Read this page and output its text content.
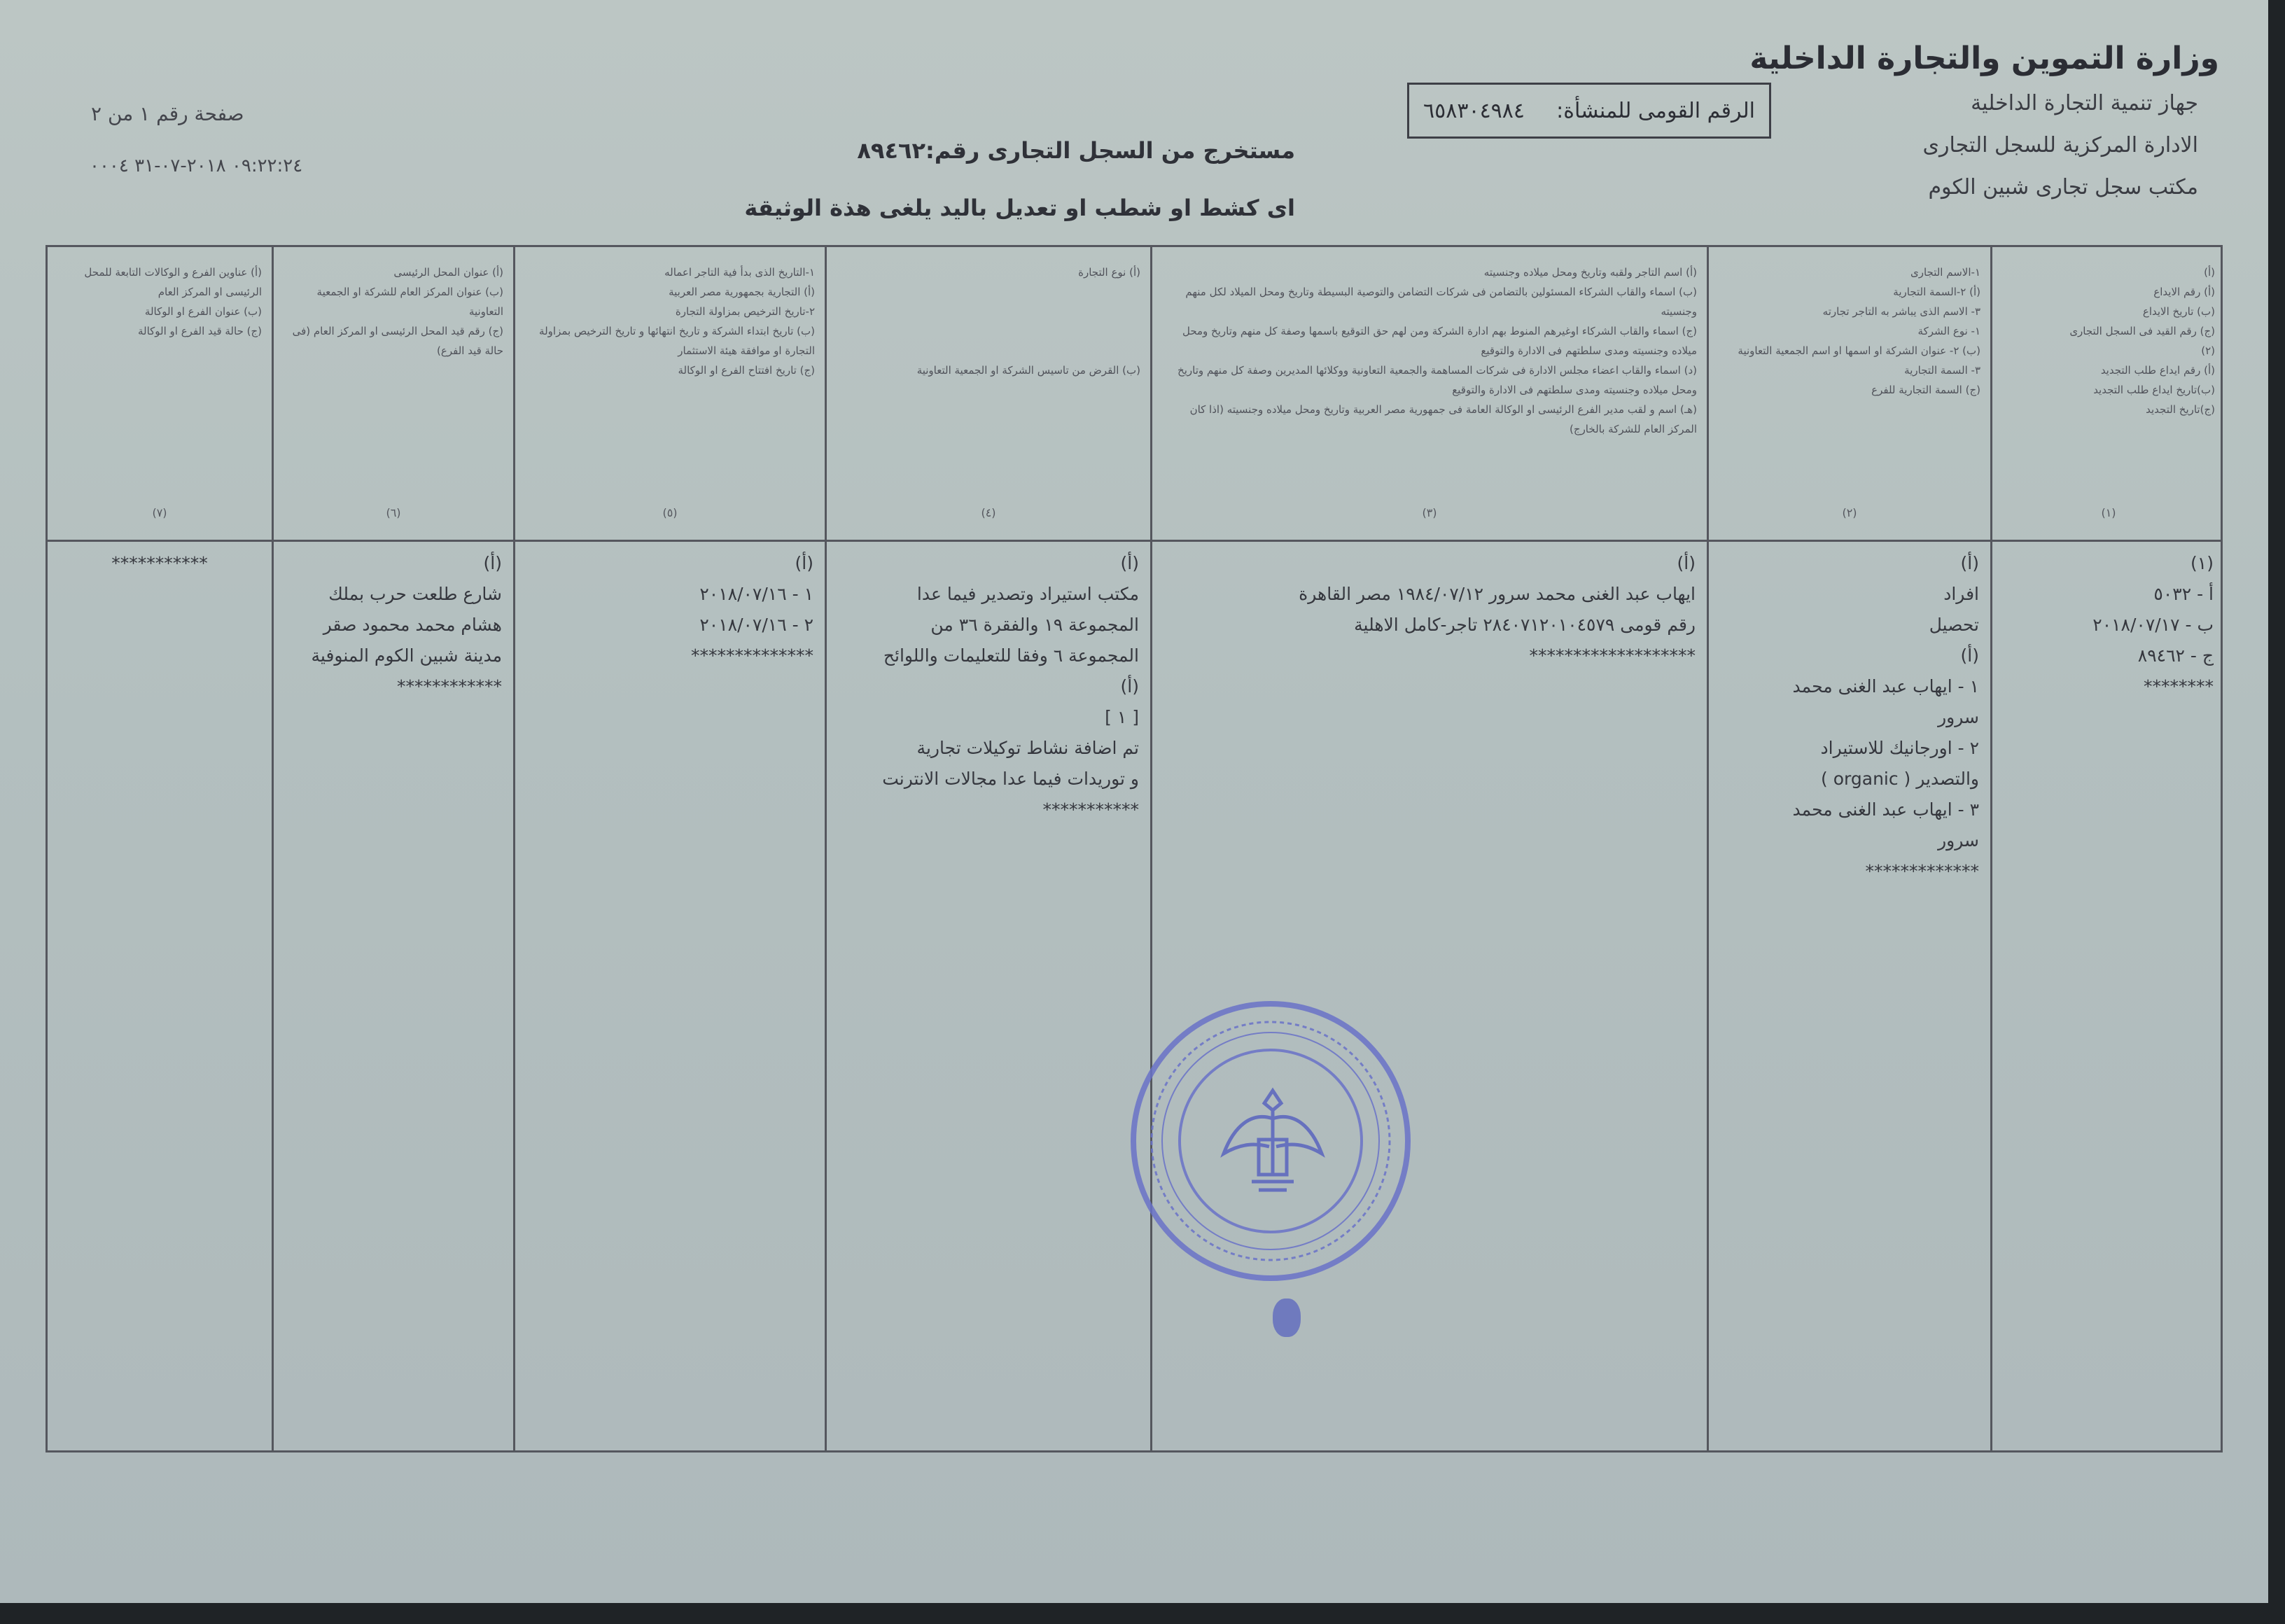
وزارة التموين والتجارة الداخلية
جهاز تنمية التجارة الداخلية
الادارة المركزية للسجل التجارى
مكتب سجل تجارى شبين الكوم
الرقم القومى للمنشأة:
٦٥٨٣٠٤٩٨٤
مستخرج من السجل التجارى رقم:٨٩٤٦٢
اى كشط او شطب او تعديل باليد يلغى هذة الوثيقة
صفحة رقم ١ من ٢
٠٩:٢٢:٢٤ ٢٠١٨-٠٧-٣١ ٠٠٠٤
(أ)
(أ) رقم الايداع
(ب) تاريخ الايداع
(ج) رقم القيد فى السجل التجارى
(٢)
(أ) رقم ايداع طلب التجديد
(ب)تاريخ ايداع طلب التجديد
(ج)تاريخ التجديد
١-الاسم التجارى
(أ) ٢-السمة التجارية
٣- الاسم الذى يباشر به التاجر تجارته
١- نوع الشركة
(ب) ٢- عنوان الشركة او اسمها او اسم الجمعية التعاونية
٣- السمة التجارية
(ج) السمة التجارية للفرع
(أ) اسم التاجر ولقبه وتاريخ ومحل ميلاده وجنسيته
(ب) اسماء والقاب الشركاء المسئولين بالتضامن فى شركات التضامن والتوصية البسيطة وتاريخ ومحل الميلاد لكل منهم وجنسيته
(ج) اسماء والقاب الشركاء اوغيرهم المنوط بهم ادارة الشركة ومن لهم حق التوقيع باسمها وصفة كل منهم وتاريخ ومحل ميلاده وجنسيته ومدى سلطتهم فى الادارة والتوقيع
(د) اسماء والقاب اعضاء مجلس الادارة فى شركات المساهمة والجمعية التعاونية ووكلائها المديرين وصفة كل منهم وتاريخ ومحل ميلاده وجنسيته ومدى سلطتهم فى الادارة والتوقيع
(هـ) اسم و لقب مدير الفرع الرئيسى او الوكالة العامة فى جمهورية مصر العربية وتاريخ ومحل ميلاده وجنسيته (اذا كان المركز العام للشركة بالخارج)
(أ) نوع التجارة

(ب) القرض من تاسيس الشركة او الجمعية التعاونية
١-التاريخ الذى بدأ فية التاجر اعماله
(أ) التجارية بجمهورية مصر العربية
٢-تاريخ الترخيص بمزاولة التجارة
(ب) تاريخ ابتداء الشركة و تاريخ انتهائها و تاريخ الترخيص بمزاولة التجارة او موافقة هيئة الاستثمار
(ج) تاريخ افتتاح الفرع او الوكالة
(أ) عنوان المحل الرئيسى
(ب) عنوان المركز العام للشركة او الجمعية التعاونية
(ج) رقم قيد المحل الرئيسى او المركز العام (فى حالة قيد الفرع)
(أ) عناوين الفرع و الوكالات التابعة للمحل الرئيسى او المركز العام
(ب) عنوان الفرع او الوكالة
(ج) حالة قيد الفرع او الوكالة
(١)
(٢)
(٣)
(٤)
(٥)
(٦)
(٧)
(١)
أ - ٥٠٣٢
ب - ٢٠١٨/٠٧/١٧
ج - ٨٩٤٦٢
********
(أ)
افراد
تحصيل
(أ)
١ - ايهاب عبد الغنى محمد
سرور
٢ - اورجانيك للاستيراد
والتصدير ( organic )
٣ - ايهاب عبد الغنى محمد
سرور
*************
(أ)
ايهاب عبد الغنى محمد سرور ١٩٨٤/٠٧/١٢ مصر القاهرة
رقم قومى ٢٨٤٠٧١٢٠١٠٤٥٧٩ تاجر-كامل الاهلية
*******************
(أ)
مكتب استيراد وتصدير فيما عدا
المجموعة ١٩ والفقرة ٣٦ من
المجموعة ٦ وفقا للتعليمات واللوائح
(أ)
[ ١ ]
تم اضافة نشاط توكيلات تجارية
و توريدات فيما عدا مجالات الانترنت
***********
(أ)
١ - ٢٠١٨/٠٧/١٦
٢ - ٢٠١٨/٠٧/١٦
**************
(أ)
شارع طلعت حرب بملك
هشام محمد محمود صقر
مدينة شبين الكوم المنوفية
************
***********
